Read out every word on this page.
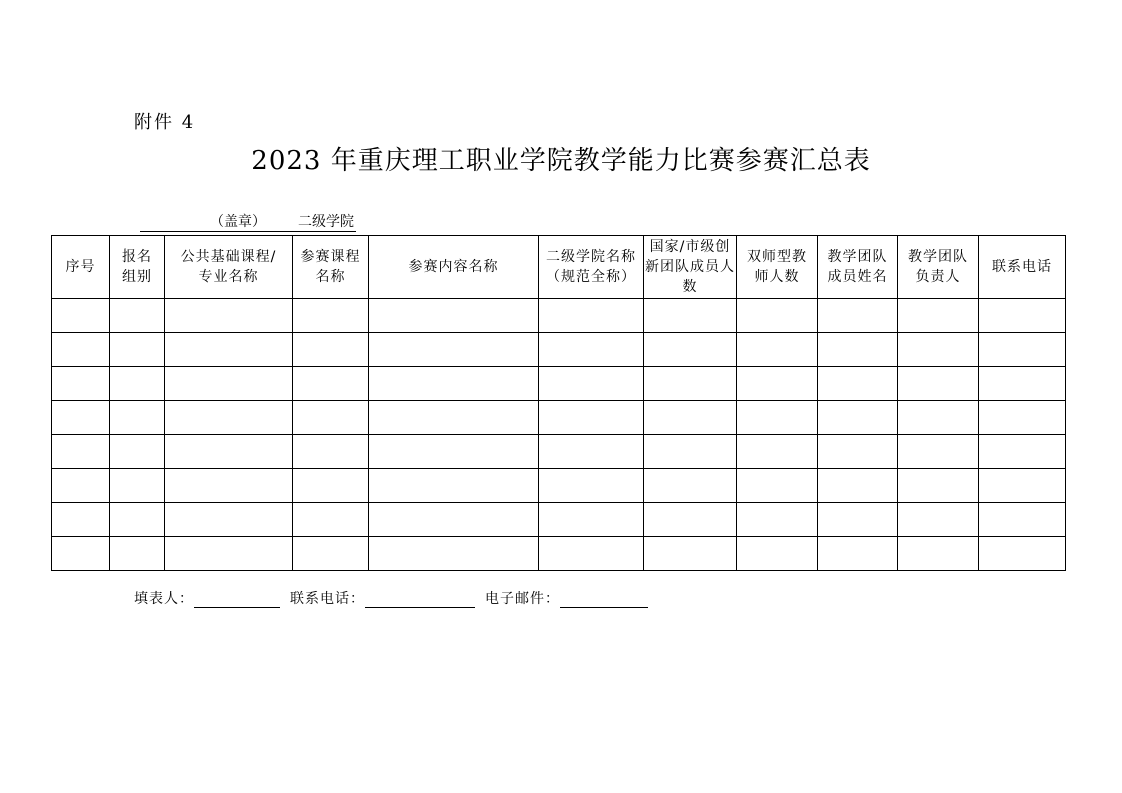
附件 4
2023 年重庆理工职业学院教学能力比赛参赛汇总表
（盖章） 二级学院
序号	报名组别	公共基础课程/专业名称	参赛课程名称	参赛内容名称	二级学院名称（规范全称）	国家/市级创新团队成员人数	双师型教师人数	教学团队成员姓名	教学团队负责人	联系电话

填表人：	联系电话：	电子邮件：
